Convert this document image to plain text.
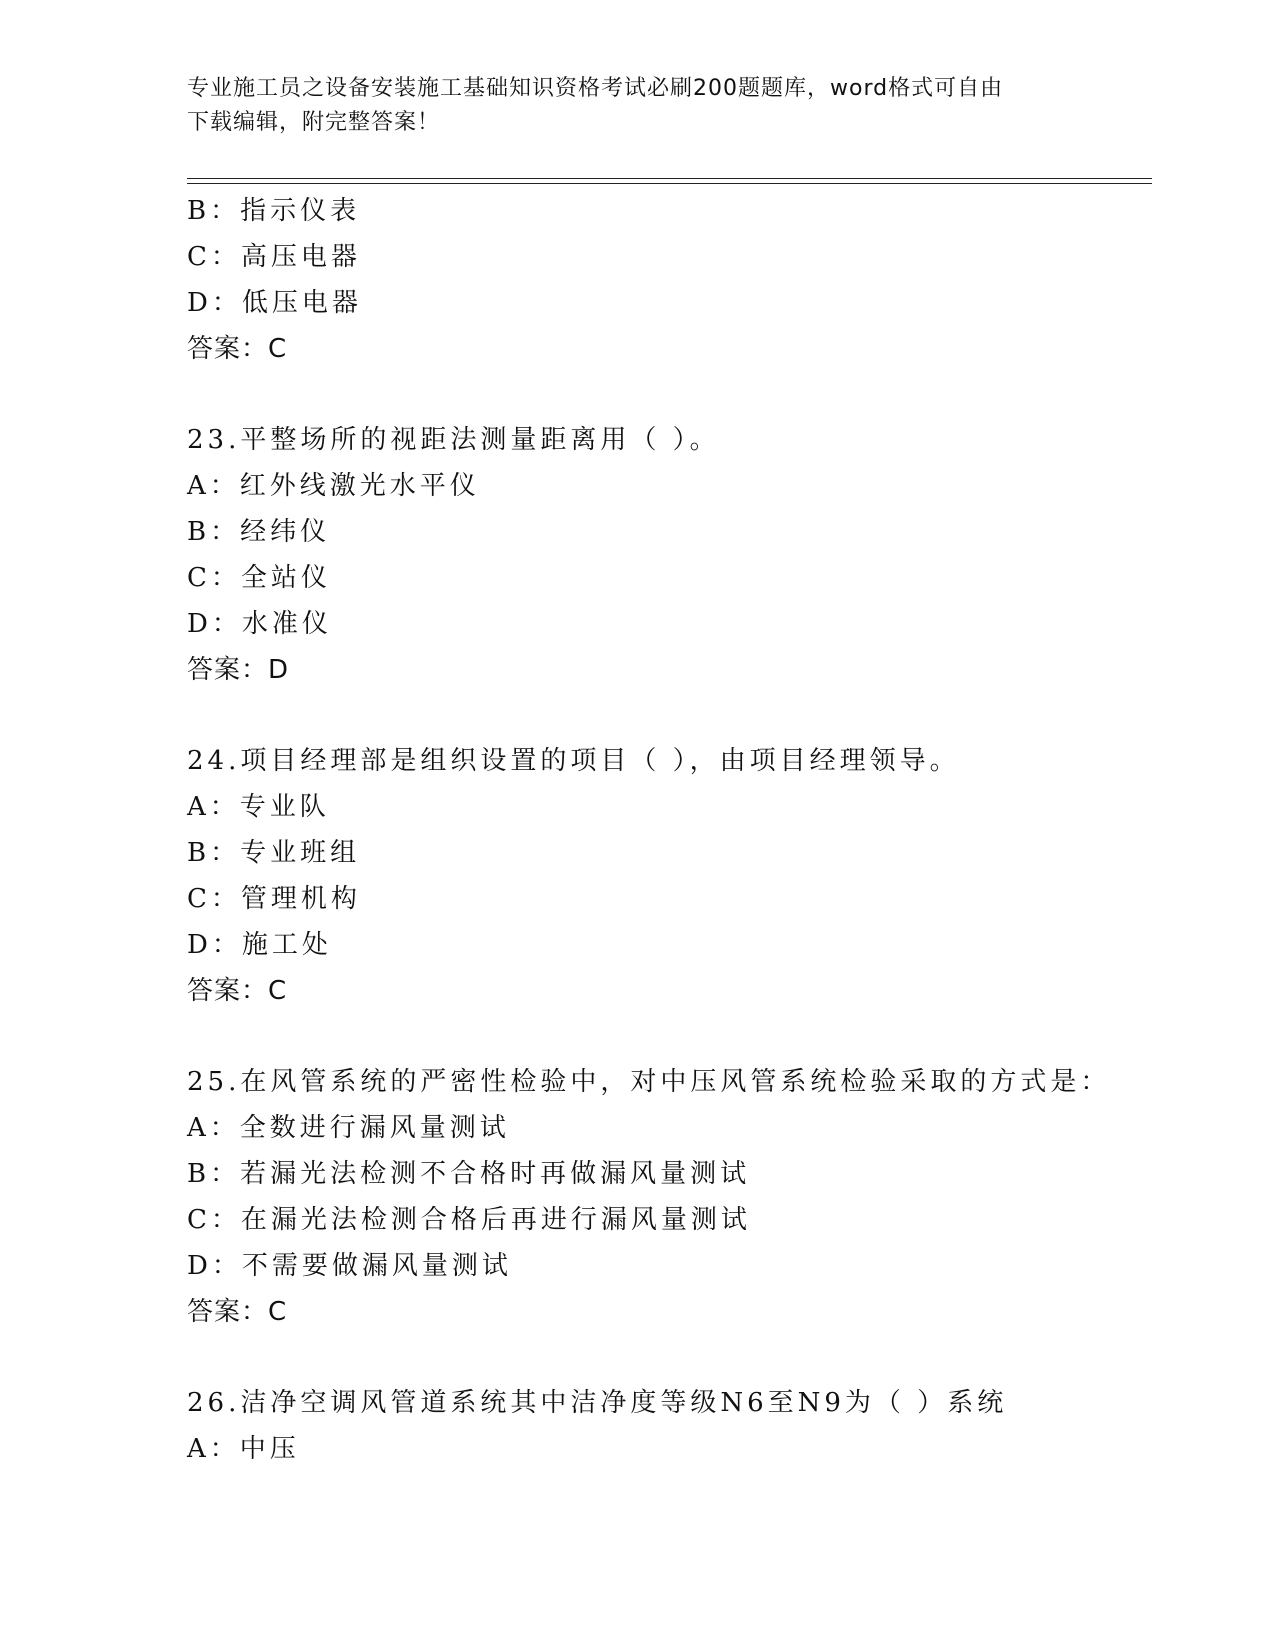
专业施工员之设备安装施工基础知识资格考试必刷200题题库，word格式可自由
下载编辑，附完整答案！
B：指示仪表
C：高压电器
D：低压电器
答案：C
23.平整场所的视距法测量距离用（ ）。
A：红外线激光水平仪
B：经纬仪
C：全站仪
D：水准仪
答案：D
24.项目经理部是组织设置的项目（ ），由项目经理领导。
A：专业队
B：专业班组
C：管理机构
D：施工处
答案：C
25.在风管系统的严密性检验中，对中压风管系统检验采取的方式是：
A：全数进行漏风量测试
B：若漏光法检测不合格时再做漏风量测试
C：在漏光法检测合格后再进行漏风量测试
D：不需要做漏风量测试
答案：C
26.洁净空调风管道系统其中洁净度等级N6至N9为（ ）系统
A：中压
